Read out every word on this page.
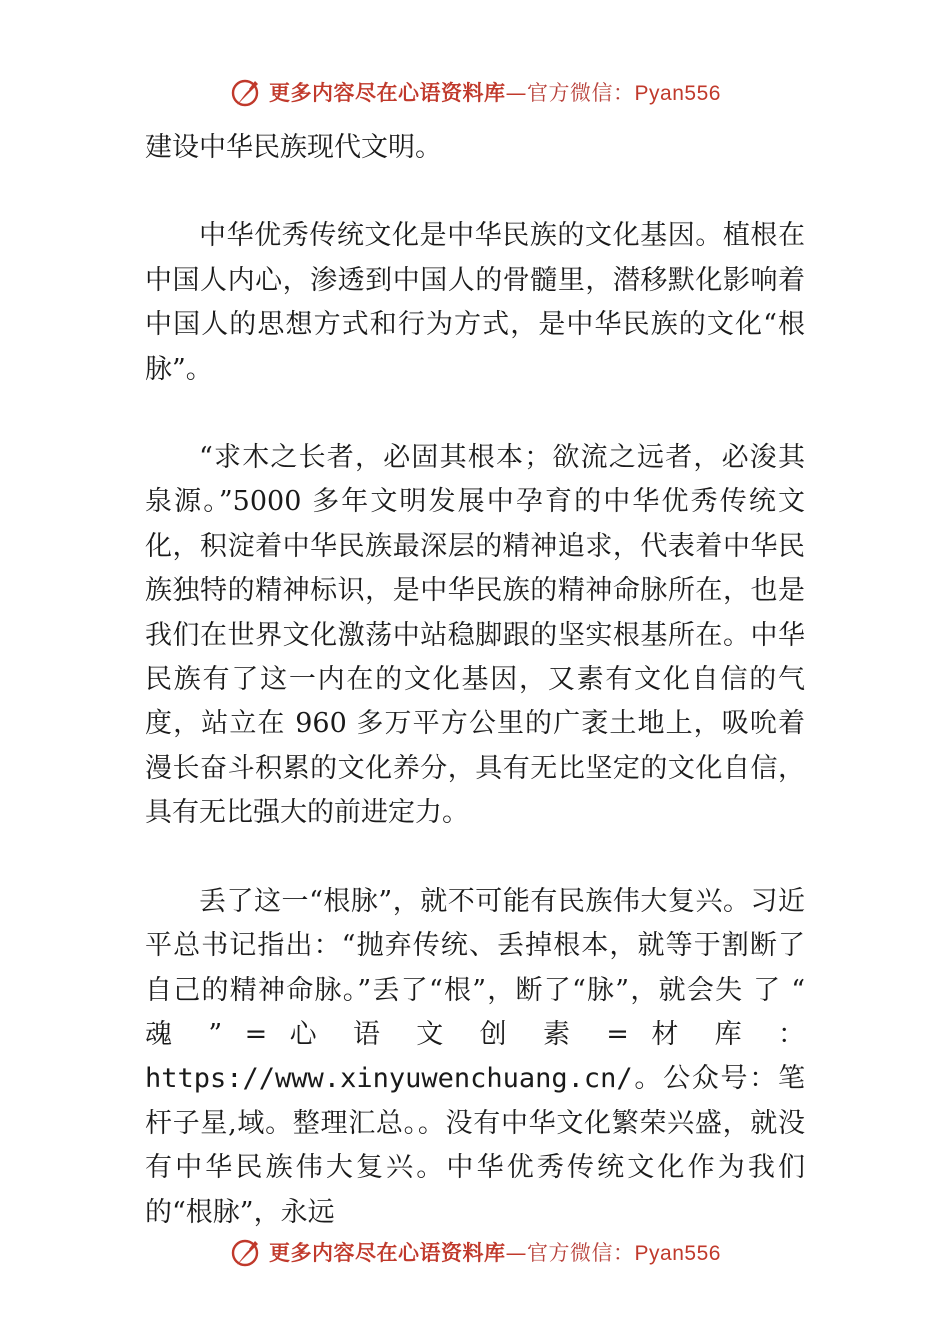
更多内容尽在心语资料库—官方微信：Pyan556

建设中华民族现代文明。

中华优秀传统文化是中华民族的文化基因。植根在中国人内心，渗透到中国人的骨髓里，潜移默化影响着中国人的思想方式和行为方式，是中华民族的文化“根脉”。

“求木之长者，必固其根本；欲流之远者，必浚其泉源。”5000 多年文明发展中孕育的中华优秀传统文化，积淀着中华民族最深层的精神追求，代表着中华民族独特的精神标识，是中华民族的精神命脉所在，也是我们在世界文化激荡中站稳脚跟的坚实根基所在。中华民族有了这一内在的文化基因，又素有文化自信的气度，站立在 960 多万平方公里的广袤土地上，吸吮着漫长奋斗积累的文化养分，具有无比坚定的文化自信，具有无比强大的前进定力。

丢了这一“根脉”，就不可能有民族伟大复兴。习近平总书记指出：“抛弃传统、丢掉根本，就等于割断了自己的精神命脉。”丢了“根”，断了“脉”，就会失 了 “ 魂 ” = 心 语 文 创 素 = 材 库 ： https://www.xinyuwenchuang.cn/。公众号：笔杆子星,域。整理汇总。。没有中华文化繁荣兴盛，就没有中华民族伟大复兴。中华优秀传统文化作为我们的“根脉”，永远

更多内容尽在心语资料库—官方微信：Pyan556
